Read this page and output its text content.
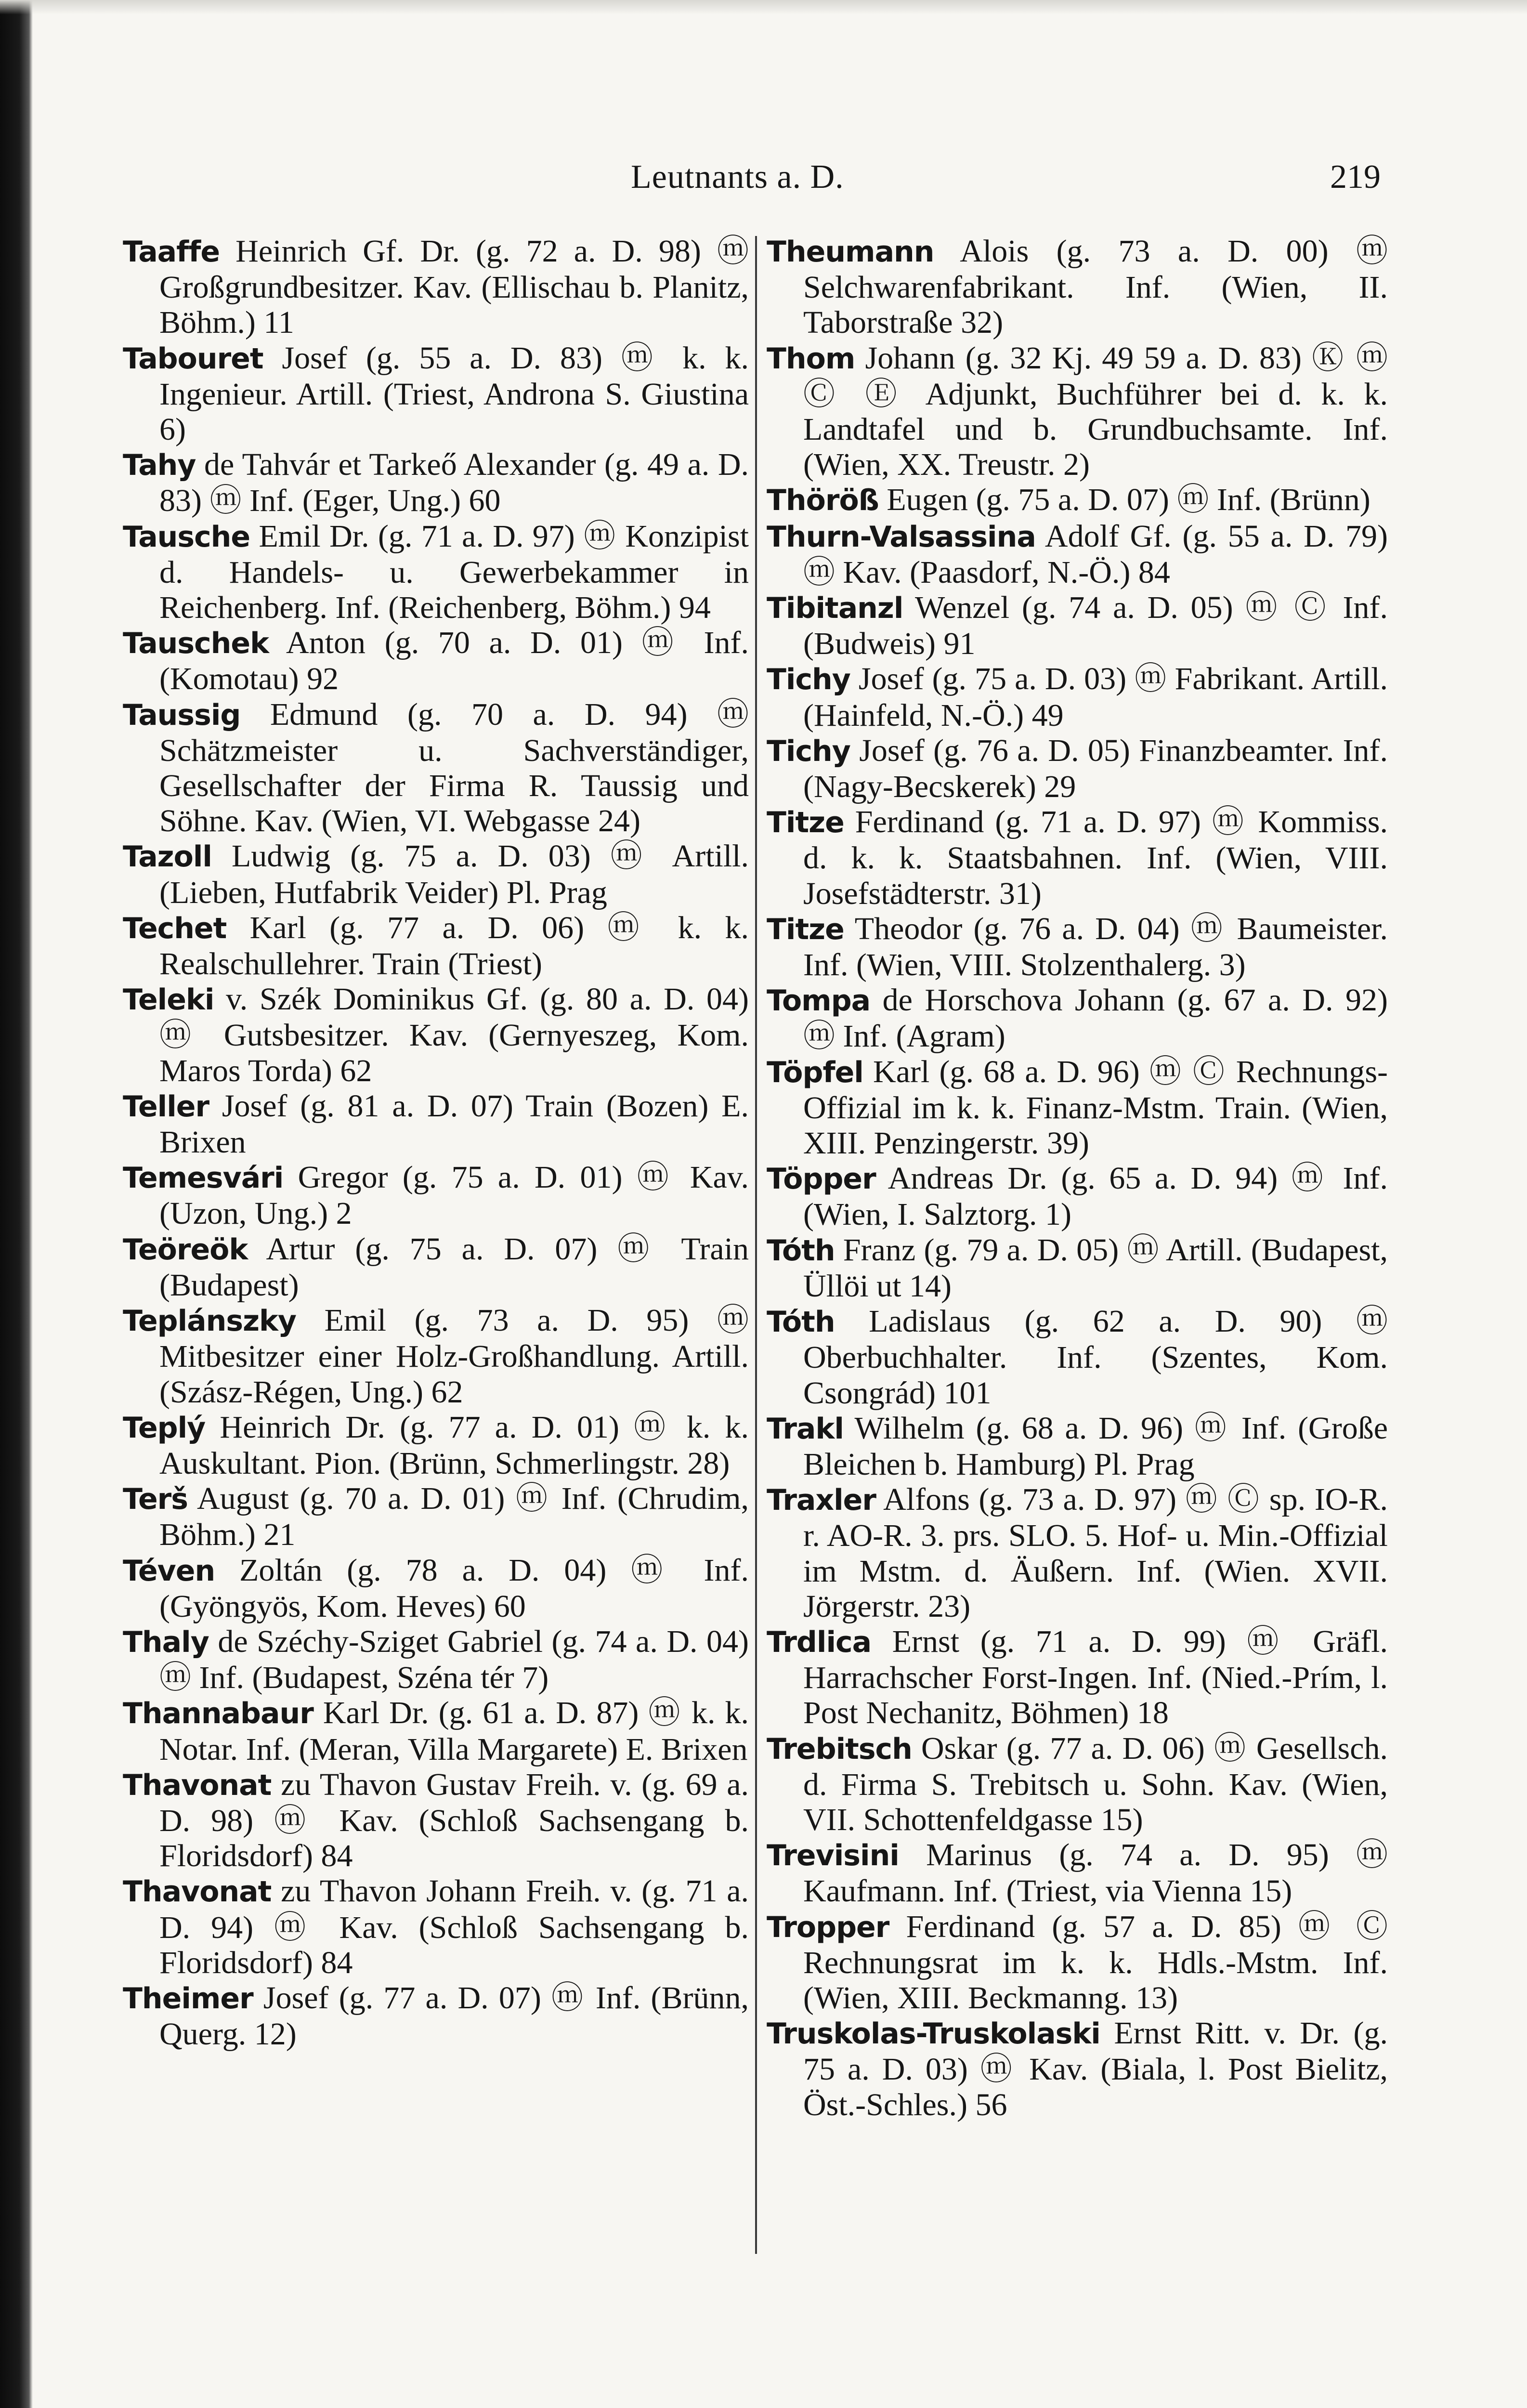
Leutnants a. D.	219

Taaffe Heinrich Gf. Dr. (g. 72 a. D. 98) ⓜ Großgrundbesitzer. Kav. (Ellischau b. Planitz, Böhm.) 11

Tabouret Josef (g. 55 a. D. 83) ⓜ k. k. Ingenieur. Artill. (Triest, Androna S. Giustina 6)

Tahy de Tahvár et Tarkeő Alexander (g. 49 a. D. 83) ⓜ Inf. (Eger, Ung.) 60

Tausche Emil Dr. (g. 71 a. D. 97) ⓜ Konzipist d. Handels- u. Gewerbekammer in Reichenberg. Inf. (Reichenberg, Böhm.) 94

Tauschek Anton (g. 70 a. D. 01) ⓜ Inf. (Komotau) 92

Taussig Edmund (g. 70 a. D. 94) ⓜ Schätzmeister u. Sachverständiger, Gesellschafter der Firma R. Taussig und Söhne. Kav. (Wien, VI. Webgasse 24)

Tazoll Ludwig (g. 75 a. D. 03) ⓜ Artill. (Lieben, Hutfabrik Veider) Pl. Prag

Techet Karl (g. 77 a. D. 06) ⓜ k. k. Realschullehrer. Train (Triest)

Teleki v. Szék Dominikus Gf. (g. 80 a. D. 04) ⓜ Gutsbesitzer. Kav. (Gernyeszeg, Kom. Maros Torda) 62

Teller Josef (g. 81 a. D. 07) Train (Bozen) E. Brixen

Temesvári Gregor (g. 75 a. D. 01) ⓜ Kav. (Uzon, Ung.) 2

Teöreök Artur (g. 75 a. D. 07) ⓜ Train (Budapest)

Teplánszky Emil (g. 73 a. D. 95) ⓜ Mitbesitzer einer Holz-Großhandlung. Artill. (Szász-Régen, Ung.) 62

Teplý Heinrich Dr. (g. 77 a. D. 01) ⓜ k. k. Auskultant. Pion. (Brünn, Schmerlingstr. 28)

Terš August (g. 70 a. D. 01) ⓜ Inf. (Chrudim, Böhm.) 21

Téven Zoltán (g. 78 a. D. 04) ⓜ Inf. (Gyöngyös, Kom. Heves) 60

Thaly de Széchy-Sziget Gabriel (g. 74 a. D. 04) ⓜ Inf. (Budapest, Széna tér 7)

Thannabaur Karl Dr. (g. 61 a. D. 87) ⓜ k. k. Notar. Inf. (Meran, Villa Margarete) E. Brixen

Thavonat zu Thavon Gustav Freih. v. (g. 69 a. D. 98) ⓜ Kav. (Schloß Sachsengang b. Floridsdorf) 84

Thavonat zu Thavon Johann Freih. v. (g. 71 a. D. 94) ⓜ Kav. (Schloß Sachsengang b. Floridsdorf) 84

Theimer Josef (g. 77 a. D. 07) ⓜ Inf. (Brünn, Querg. 12)

Theumann Alois (g. 73 a. D. 00) ⓜ Selchwarenfabrikant. Inf. (Wien, II. Taborstraße 32)

Thom Johann (g. 32 Kj. 49 59 a. D. 83) Ⓚ ⓜ Ⓒ Ⓔ Adjunkt, Buchführer bei d. k. k. Landtafel und b. Grundbuchsamte. Inf. (Wien, XX. Treustr. 2)

Thöröß Eugen (g. 75 a. D. 07) ⓜ Inf. (Brünn)

Thurn-Valsassina Adolf Gf. (g. 55 a. D. 79) ⓜ Kav. (Paasdorf, N.-Ö.) 84

Tibitanzl Wenzel (g. 74 a. D. 05) ⓜ Ⓒ Inf. (Budweis) 91

Tichy Josef (g. 75 a. D. 03) ⓜ Fabrikant. Artill. (Hainfeld, N.-Ö.) 49

Tichy Josef (g. 76 a. D. 05) Finanzbeamter. Inf. (Nagy-Becskerek) 29

Titze Ferdinand (g. 71 a. D. 97) ⓜ Kommiss. d. k. k. Staatsbahnen. Inf. (Wien, VIII. Josefstädterstr. 31)

Titze Theodor (g. 76 a. D. 04) ⓜ Baumeister. Inf. (Wien, VIII. Stolzenthalerg. 3)

Tompa de Horschova Johann (g. 67 a. D. 92) ⓜ Inf. (Agram)

Töpfel Karl (g. 68 a. D. 96) ⓜ Ⓒ Rechnungs-Offizial im k. k. Finanz-Mstm. Train. (Wien, XIII. Penzingerstr. 39)

Töpper Andreas Dr. (g. 65 a. D. 94) ⓜ Inf. (Wien, I. Salztorg. 1)

Tóth Franz (g. 79 a. D. 05) ⓜ Artill. (Budapest, Üllöi ut 14)

Tóth Ladislaus (g. 62 a. D. 90) ⓜ Oberbuchhalter. Inf. (Szentes, Kom. Csongrád) 101

Trakl Wilhelm (g. 68 a. D. 96) ⓜ Inf. (Große Bleichen b. Hamburg) Pl. Prag

Traxler Alfons (g. 73 a. D. 97) ⓜ Ⓒ sp. IO-R. r. AO-R. 3. prs. SLO. 5. Hof- u. Min.-Offizial im Mstm. d. Äußern. Inf. (Wien. XVII. Jörgerstr. 23)

Trdlica Ernst (g. 71 a. D. 99) ⓜ Gräfl. Harrachscher Forst-Ingen. Inf. (Nied.-Prím, l. Post Nechanitz, Böhmen) 18

Trebitsch Oskar (g. 77 a. D. 06) ⓜ Gesellsch. d. Firma S. Trebitsch u. Sohn. Kav. (Wien, VII. Schottenfeldgasse 15)

Trevisini Marinus (g. 74 a. D. 95) ⓜ Kaufmann. Inf. (Triest, via Vienna 15)

Tropper Ferdinand (g. 57 a. D. 85) ⓜ Ⓒ Rechnungsrat im k. k. Hdls.-Mstm. Inf. (Wien, XIII. Beckmanng. 13)

Truskolas-Truskolaski Ernst Ritt. v. Dr. (g. 75 a. D. 03) ⓜ Kav. (Biala, l. Post Bielitz, Öst.-Schles.) 56
